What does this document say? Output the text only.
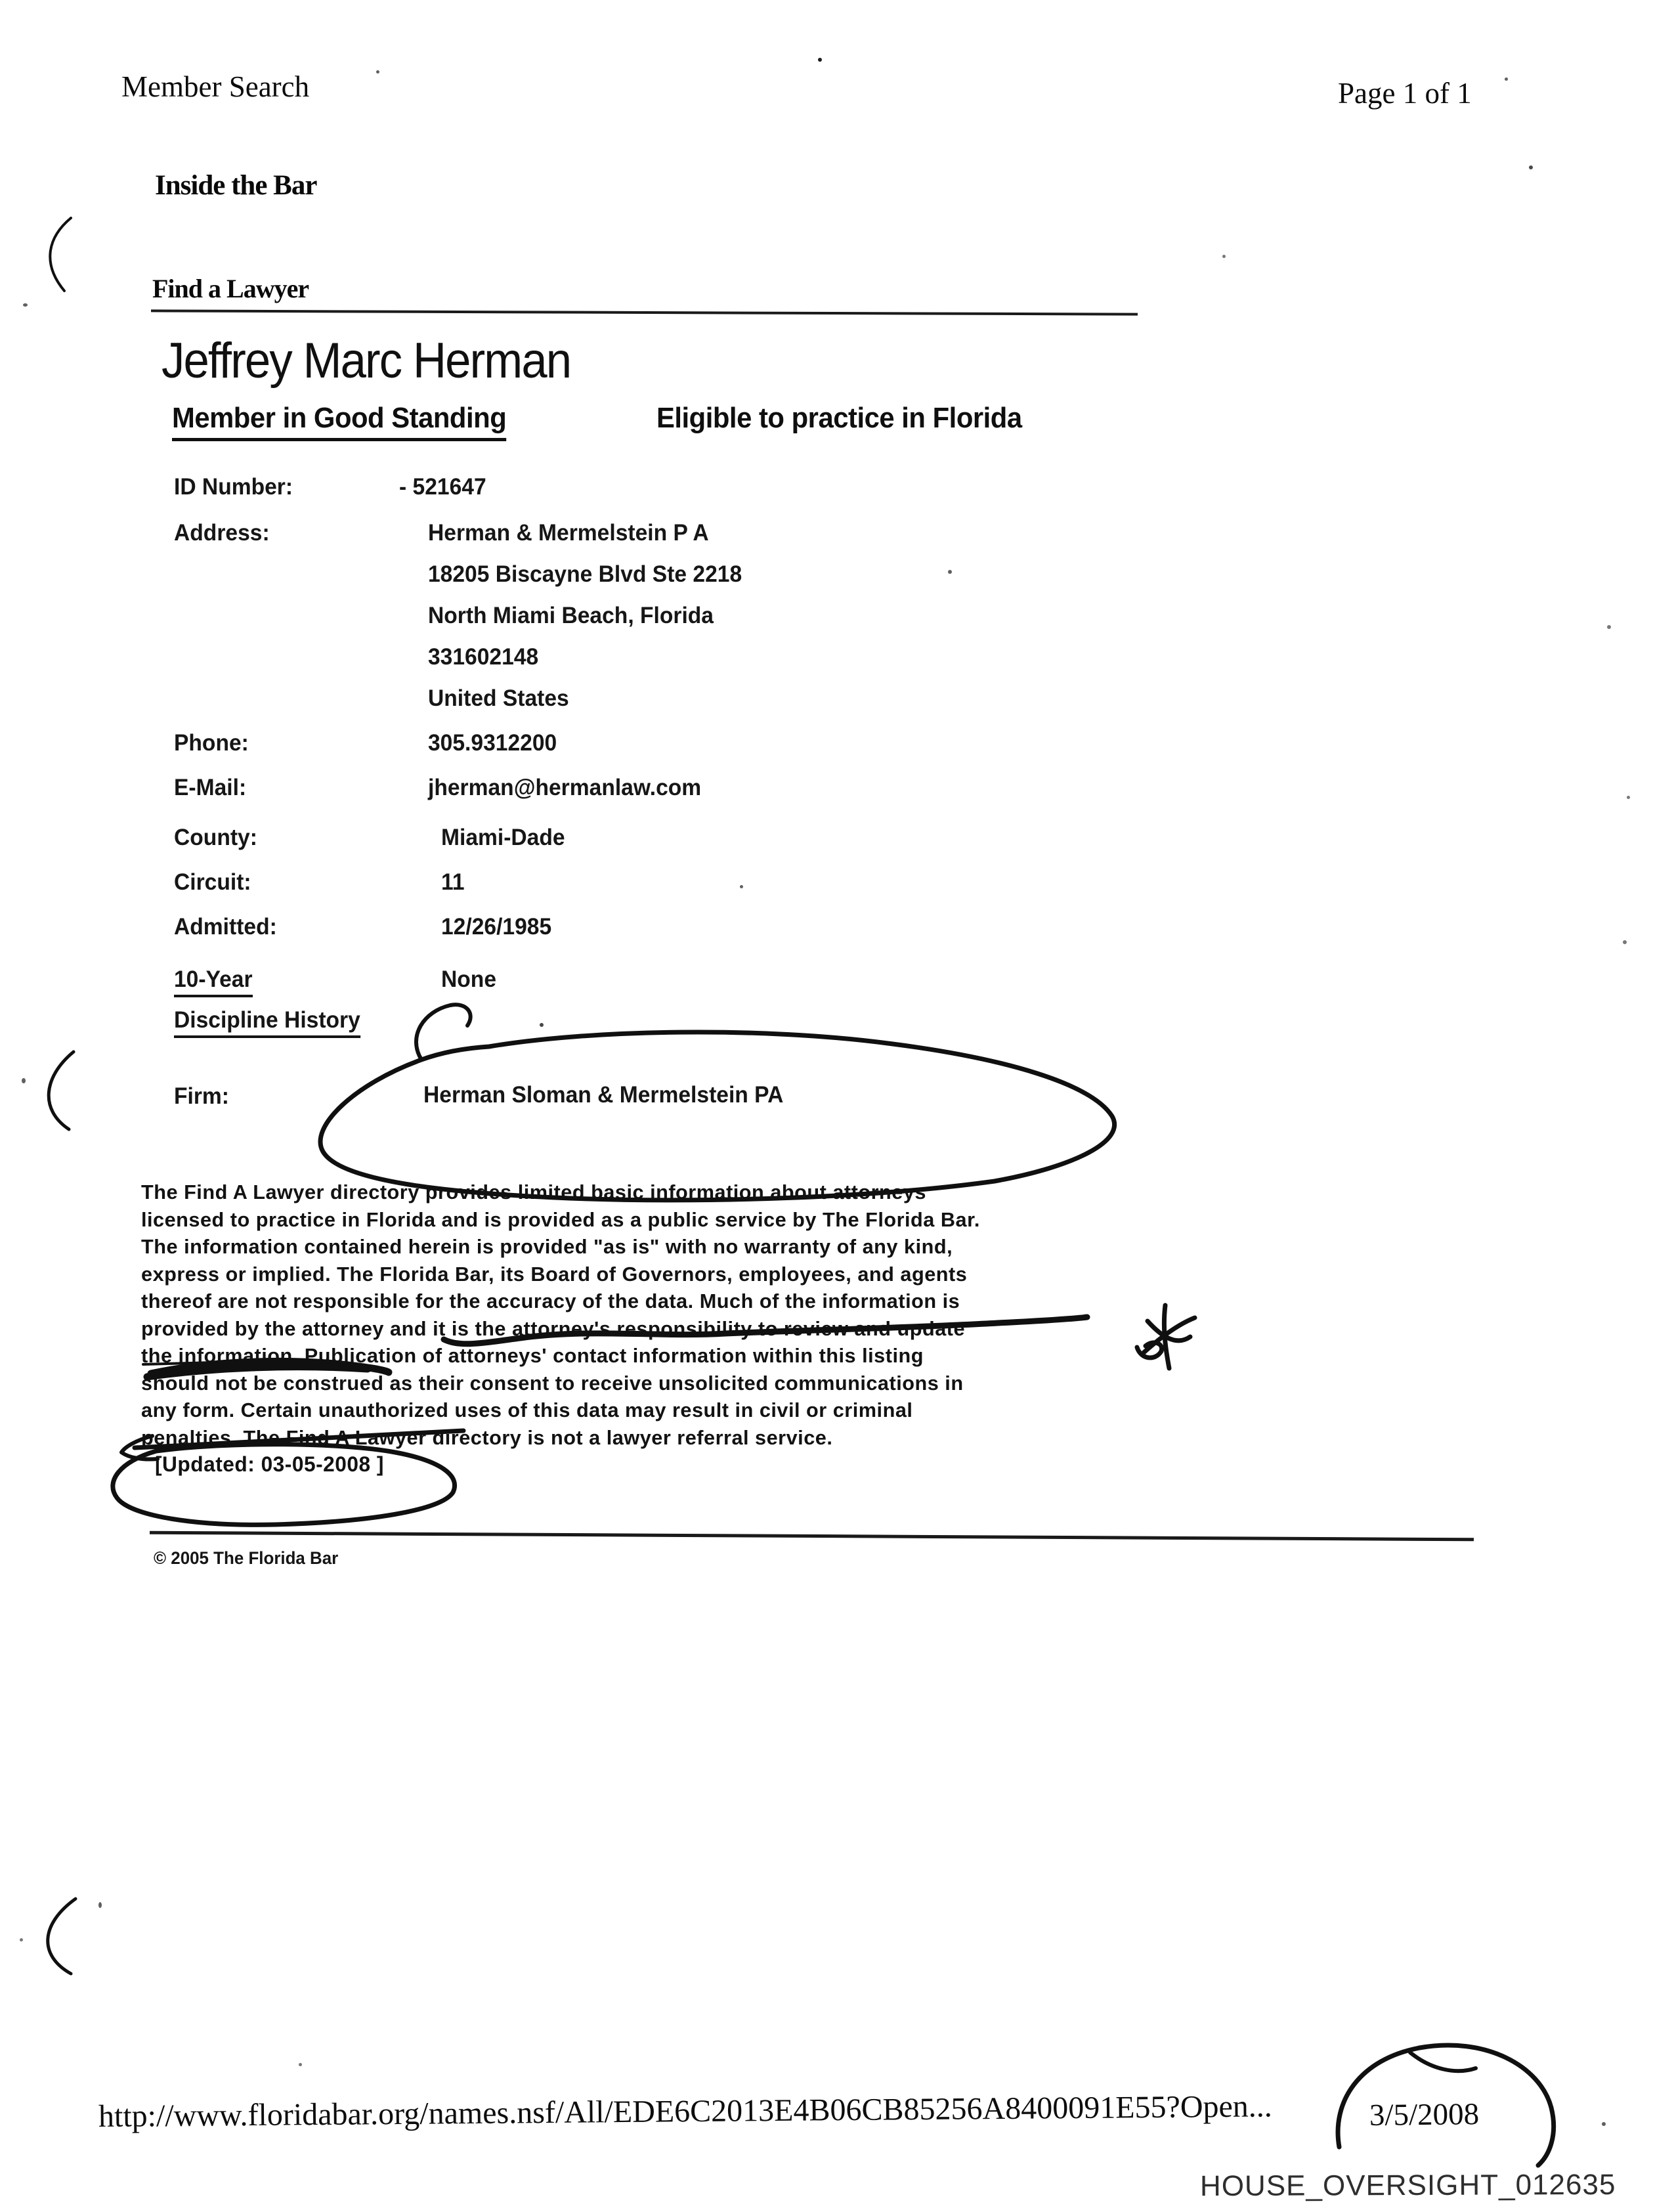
Member Search	Page 1 of 1
Inside the Bar
Find a Lawyer
Jeffrey Marc Herman
Member in Good Standing	Eligible to practice in Florida
ID Number:	- 521647
Address:	Herman & Mermelstein P A
18205 Biscayne Blvd Ste 2218
North Miami Beach, Florida
331602148
United States
Phone:	305.9312200
E-Mail:	jherman@hermanlaw.com
County:	Miami-Dade
Circuit:	11
Admitted:	12/26/1985
10-Year	None
Discipline History
Firm:	Herman Sloman & Mermelstein PA
The Find A Lawyer directory provides limited basic information about attorneys
licensed to practice in Florida and is provided as a public service by The Florida Bar.
The information contained herein is provided "as is" with no warranty of any kind,
express or implied. The Florida Bar, its Board of Governors, employees, and agents
thereof are not responsible for the accuracy of the data. Much of the information is
provided by the attorney and it is the attorney's responsibility to review and update
the information. Publication of attorneys' contact information within this listing
should not be construed as their consent to receive unsolicited communications in
any form. Certain unauthorized uses of this data may result in civil or criminal
penalties. The Find A Lawyer directory is not a lawyer referral service.
[Updated: 03-05-2008 ]
© 2005 The Florida Bar
http://www.floridabar.org/names.nsf/All/EDE6C2013E4B06CB85256A8400091E55?Open...	3/5/2008
HOUSE_OVERSIGHT_012635
